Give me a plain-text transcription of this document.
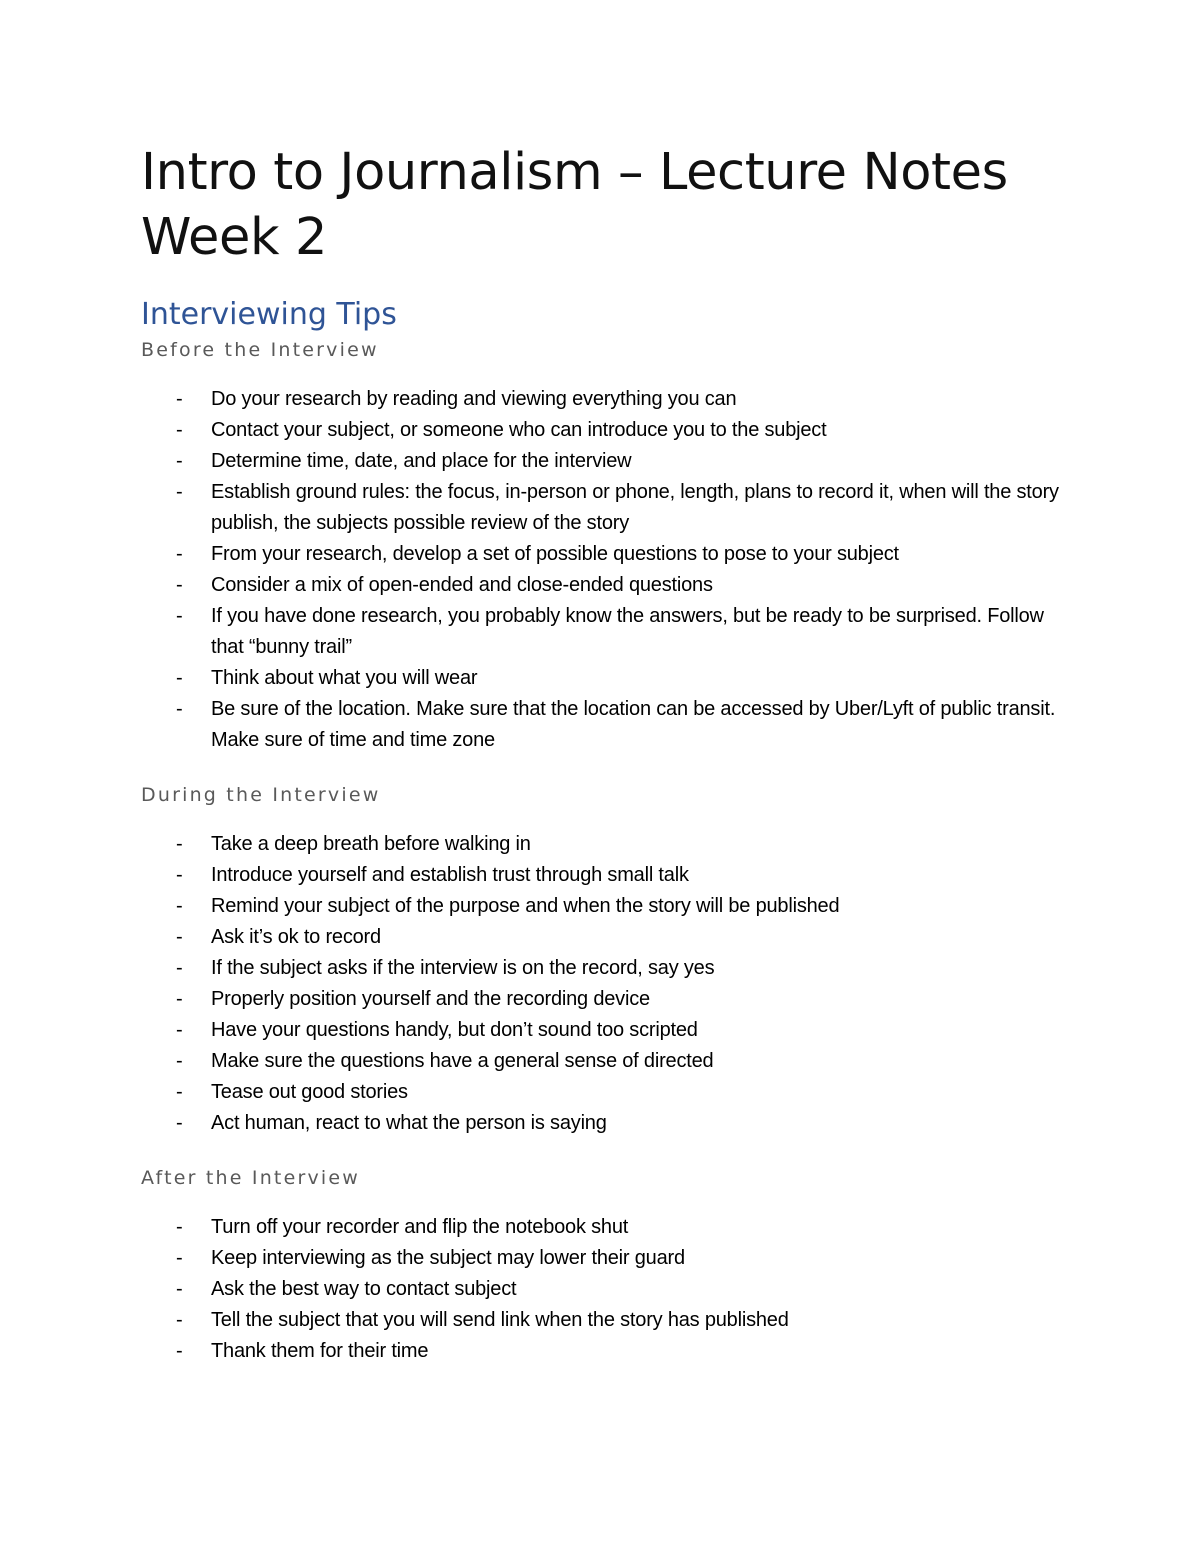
Intro to Journalism – Lecture Notes Week 2
Interviewing Tips
Before the Interview
- Do your research by reading and viewing everything you can
- Contact your subject, or someone who can introduce you to the subject
- Determine time, date, and place for the interview
- Establish ground rules: the focus, in-person or phone, length, plans to record it, when will the story publish, the subjects possible review of the story
- From your research, develop a set of possible questions to pose to your subject
- Consider a mix of open-ended and close-ended questions
- If you have done research, you probably know the answers, but be ready to be surprised. Follow that “bunny trail”
- Think about what you will wear
- Be sure of the location. Make sure that the location can be accessed by Uber/Lyft of public transit. Make sure of time and time zone
During the Interview
- Take a deep breath before walking in
- Introduce yourself and establish trust through small talk
- Remind your subject of the purpose and when the story will be published
- Ask it’s ok to record
- If the subject asks if the interview is on the record, say yes
- Properly position yourself and the recording device
- Have your questions handy, but don’t sound too scripted
- Make sure the questions have a general sense of directed
- Tease out good stories
- Act human, react to what the person is saying
After the Interview
- Turn off your recorder and flip the notebook shut
- Keep interviewing as the subject may lower their guard
- Ask the best way to contact subject
- Tell the subject that you will send link when the story has published
- Thank them for their time
